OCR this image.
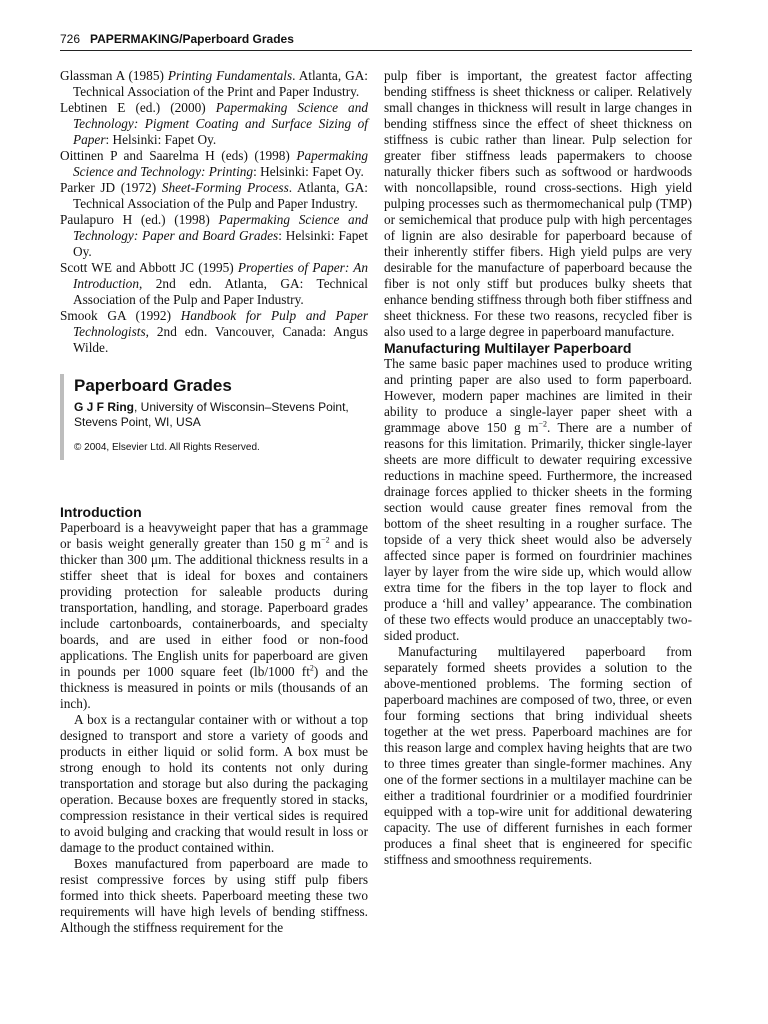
726 PAPERMAKING/Paperboard Grades

Glassman A (1985) Printing Fundamentals. Atlanta, GA: Technical Association of the Print and Paper Industry.

Lebtinen E (ed.) (2000) Papermaking Science and Technology: Pigment Coating and Surface Sizing of Paper: Helsinki: Fapet Oy.

Oittinen P and Saarelma H (eds) (1998) Papermaking Science and Technology: Printing: Helsinki: Fapet Oy.

Parker JD (1972) Sheet-Forming Process. Atlanta, GA: Technical Association of the Pulp and Paper Industry.

Paulapuro H (ed.) (1998) Papermaking Science and Technology: Paper and Board Grades: Helsinki: Fapet Oy.

Scott WE and Abbott JC (1995) Properties of Paper: An Introduction, 2nd edn. Atlanta, GA: Technical Association of the Pulp and Paper Industry.

Smook GA (1992) Handbook for Pulp and Paper Technologists, 2nd edn. Vancouver, Canada: Angus Wilde.

Paperboard Grades

G J F Ring, University of Wisconsin–Stevens Point, Stevens Point, WI, USA

© 2004, Elsevier Ltd. All Rights Reserved.

Introduction

Paperboard is a heavyweight paper that has a grammage or basis weight generally greater than 150 g $m^{-2}$ and is thicker than 300 μm. The additional thickness results in a stiffer sheet that is ideal for boxes and containers providing protection for saleable products during transportation, handling, and storage. Paperboard grades include cartonboards, containerboards, and specialty boards, and are used in either food or non-food applications. The English units for paperboard are given in pounds per 1000 square feet (lb/1000 $ft^2$) and the thickness is measured in points or mils (thousands of an inch).

A box is a rectangular container with or without a top designed to transport and store a variety of goods and products in either liquid or solid form. A box must be strong enough to hold its contents not only during transportation and storage but also during the packaging operation. Because boxes are frequently stored in stacks, compression resistance in their vertical sides is required to avoid bulging and cracking that would result in loss or damage to the product contained within.

Boxes manufactured from paperboard are made to resist compressive forces by using stiff pulp fibers formed into thick sheets. Paperboard meeting these two requirements will have high levels of bending stiffness. Although the stiffness requirement for the

pulp fiber is important, the greatest factor affecting bending stiffness is sheet thickness or caliper. Relatively small changes in thickness will result in large changes in bending stiffness since the effect of sheet thickness on stiffness is cubic rather than linear. Pulp selection for greater fiber stiffness leads papermakers to choose naturally thicker fibers such as softwood or hardwoods with noncollapsible, round cross-sections. High yield pulping processes such as thermomechanical pulp (TMP) or semichemical that produce pulp with high percentages of lignin are also desirable for paperboard because of their inherently stiffer fibers. High yield pulps are very desirable for the manufacture of paperboard because the fiber is not only stiff but produces bulky sheets that enhance bending stiffness through both fiber stiffness and sheet thickness. For these two reasons, recycled fiber is also used to a large degree in paperboard manufacture.

Manufacturing Multilayer Paperboard

The same basic paper machines used to produce writing and printing paper are also used to form paperboard. However, modern paper machines are limited in their ability to produce a single-layer paper sheet with a grammage above 150 g $m^{-2}$. There are a number of reasons for this limitation. Primarily, thicker single-layer sheets are more difficult to dewater requiring excessive reductions in machine speed. Furthermore, the increased drainage forces applied to thicker sheets in the forming section would cause greater fines removal from the bottom of the sheet resulting in a rougher surface. The topside of a very thick sheet would also be adversely affected since paper is formed on fourdrinier machines layer by layer from the wire side up, which would allow extra time for the fibers in the top layer to flock and produce a ‘hill and valley’ appearance. The combination of these two effects would produce an unacceptably two-sided product.

Manufacturing multilayered paperboard from separately formed sheets provides a solution to the above-mentioned problems. The forming section of paperboard machines are composed of two, three, or even four forming sections that bring individual sheets together at the wet press. Paperboard machines are for this reason large and complex having heights that are two to three times greater than single-former machines. Any one of the former sections in a multilayer machine can be either a traditional fourdrinier or a modified fourdrinier equipped with a top-wire unit for additional dewatering capacity. The use of different furnishes in each former produces a final sheet that is engineered for specific stiffness and smoothness requirements.
